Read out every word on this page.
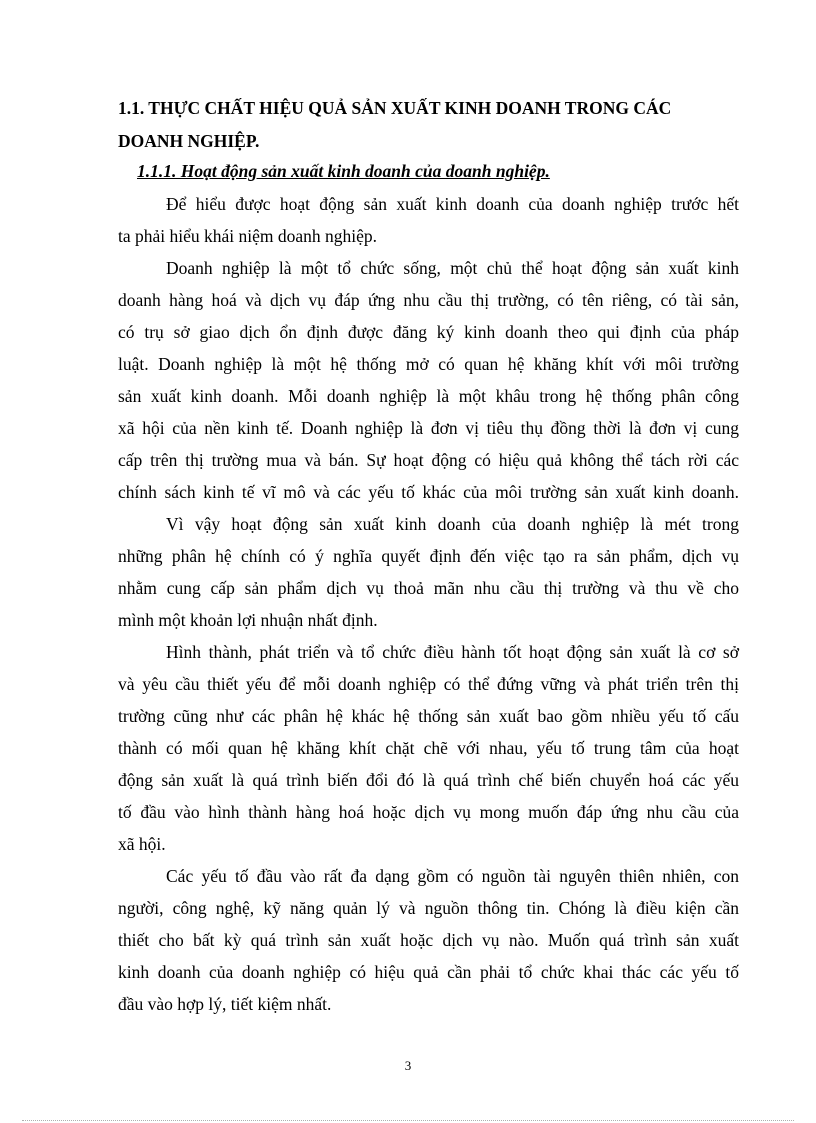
1.1. THỰC CHẤT HIỆU QUẢ SẢN XUẤT KINH DOANH TRONG CÁC
DOANH NGHIỆP.
1.1.1. Hoạt động sản xuất kinh doanh của doanh nghiệp.
Để hiểu được hoạt động sản xuất kinh doanh của doanh nghiệp trước hết
ta phải hiểu khái niệm doanh nghiệp.
Doanh nghiệp là một tổ chức sống, một chủ thể hoạt động sản xuất kinh
doanh hàng hoá và dịch vụ đáp ứng nhu cầu thị trường, có tên riêng, có tài sản,
có trụ sở giao dịch ổn định được đăng ký kinh doanh theo qui định của pháp
luật. Doanh nghiệp là một hệ thống mở có quan hệ khăng khít với môi trường
sản xuất kinh doanh. Mỗi doanh nghiệp là một khâu trong hệ thống phân công
xã hội của nền kinh tế. Doanh nghiệp là đơn vị tiêu thụ đồng thời là đơn vị cung
cấp trên thị trường mua và bán. Sự hoạt động có hiệu quả không thể tách rời các
chính sách kinh tế vĩ mô và các yếu tố khác của môi trường sản xuất kinh doanh.
Vì vậy hoạt động sản xuất kinh doanh của doanh nghiệp là mét trong
những phân hệ chính có ý nghĩa quyết định đến việc tạo ra sản phẩm, dịch vụ
nhằm cung cấp sản phẩm dịch vụ thoả mãn nhu cầu thị trường và thu về cho
mình một khoản lợi nhuận nhất định.
Hình thành, phát triển và tổ chức điều hành tốt hoạt động sản xuất là cơ sở
và yêu cầu thiết yếu để mỗi doanh nghiệp có thể đứng vững và phát triển trên thị
trường cũng như các phân hệ khác hệ thống sản xuất bao gồm nhiều yếu tố cấu
thành có mối quan hệ khăng khít chặt chẽ với nhau, yếu tố trung tâm của hoạt
động sản xuất là quá trình biến đổi đó là quá trình chế biến chuyển hoá các yếu
tố đầu vào hình thành hàng hoá hoặc dịch vụ mong muốn đáp ứng nhu cầu của
xã hội.
Các yếu tố đầu vào rất đa dạng gồm có nguồn tài nguyên thiên nhiên, con
người, công nghệ, kỹ năng quản lý và nguồn thông tin. Chóng là điều kiện cần
thiết cho bất kỳ quá trình sản xuất hoặc dịch vụ nào. Muốn quá trình sản xuất
kinh doanh của doanh nghiệp có hiệu quả cần phải tổ chức khai thác các yếu tố
đầu vào hợp lý, tiết kiệm nhất.
3
